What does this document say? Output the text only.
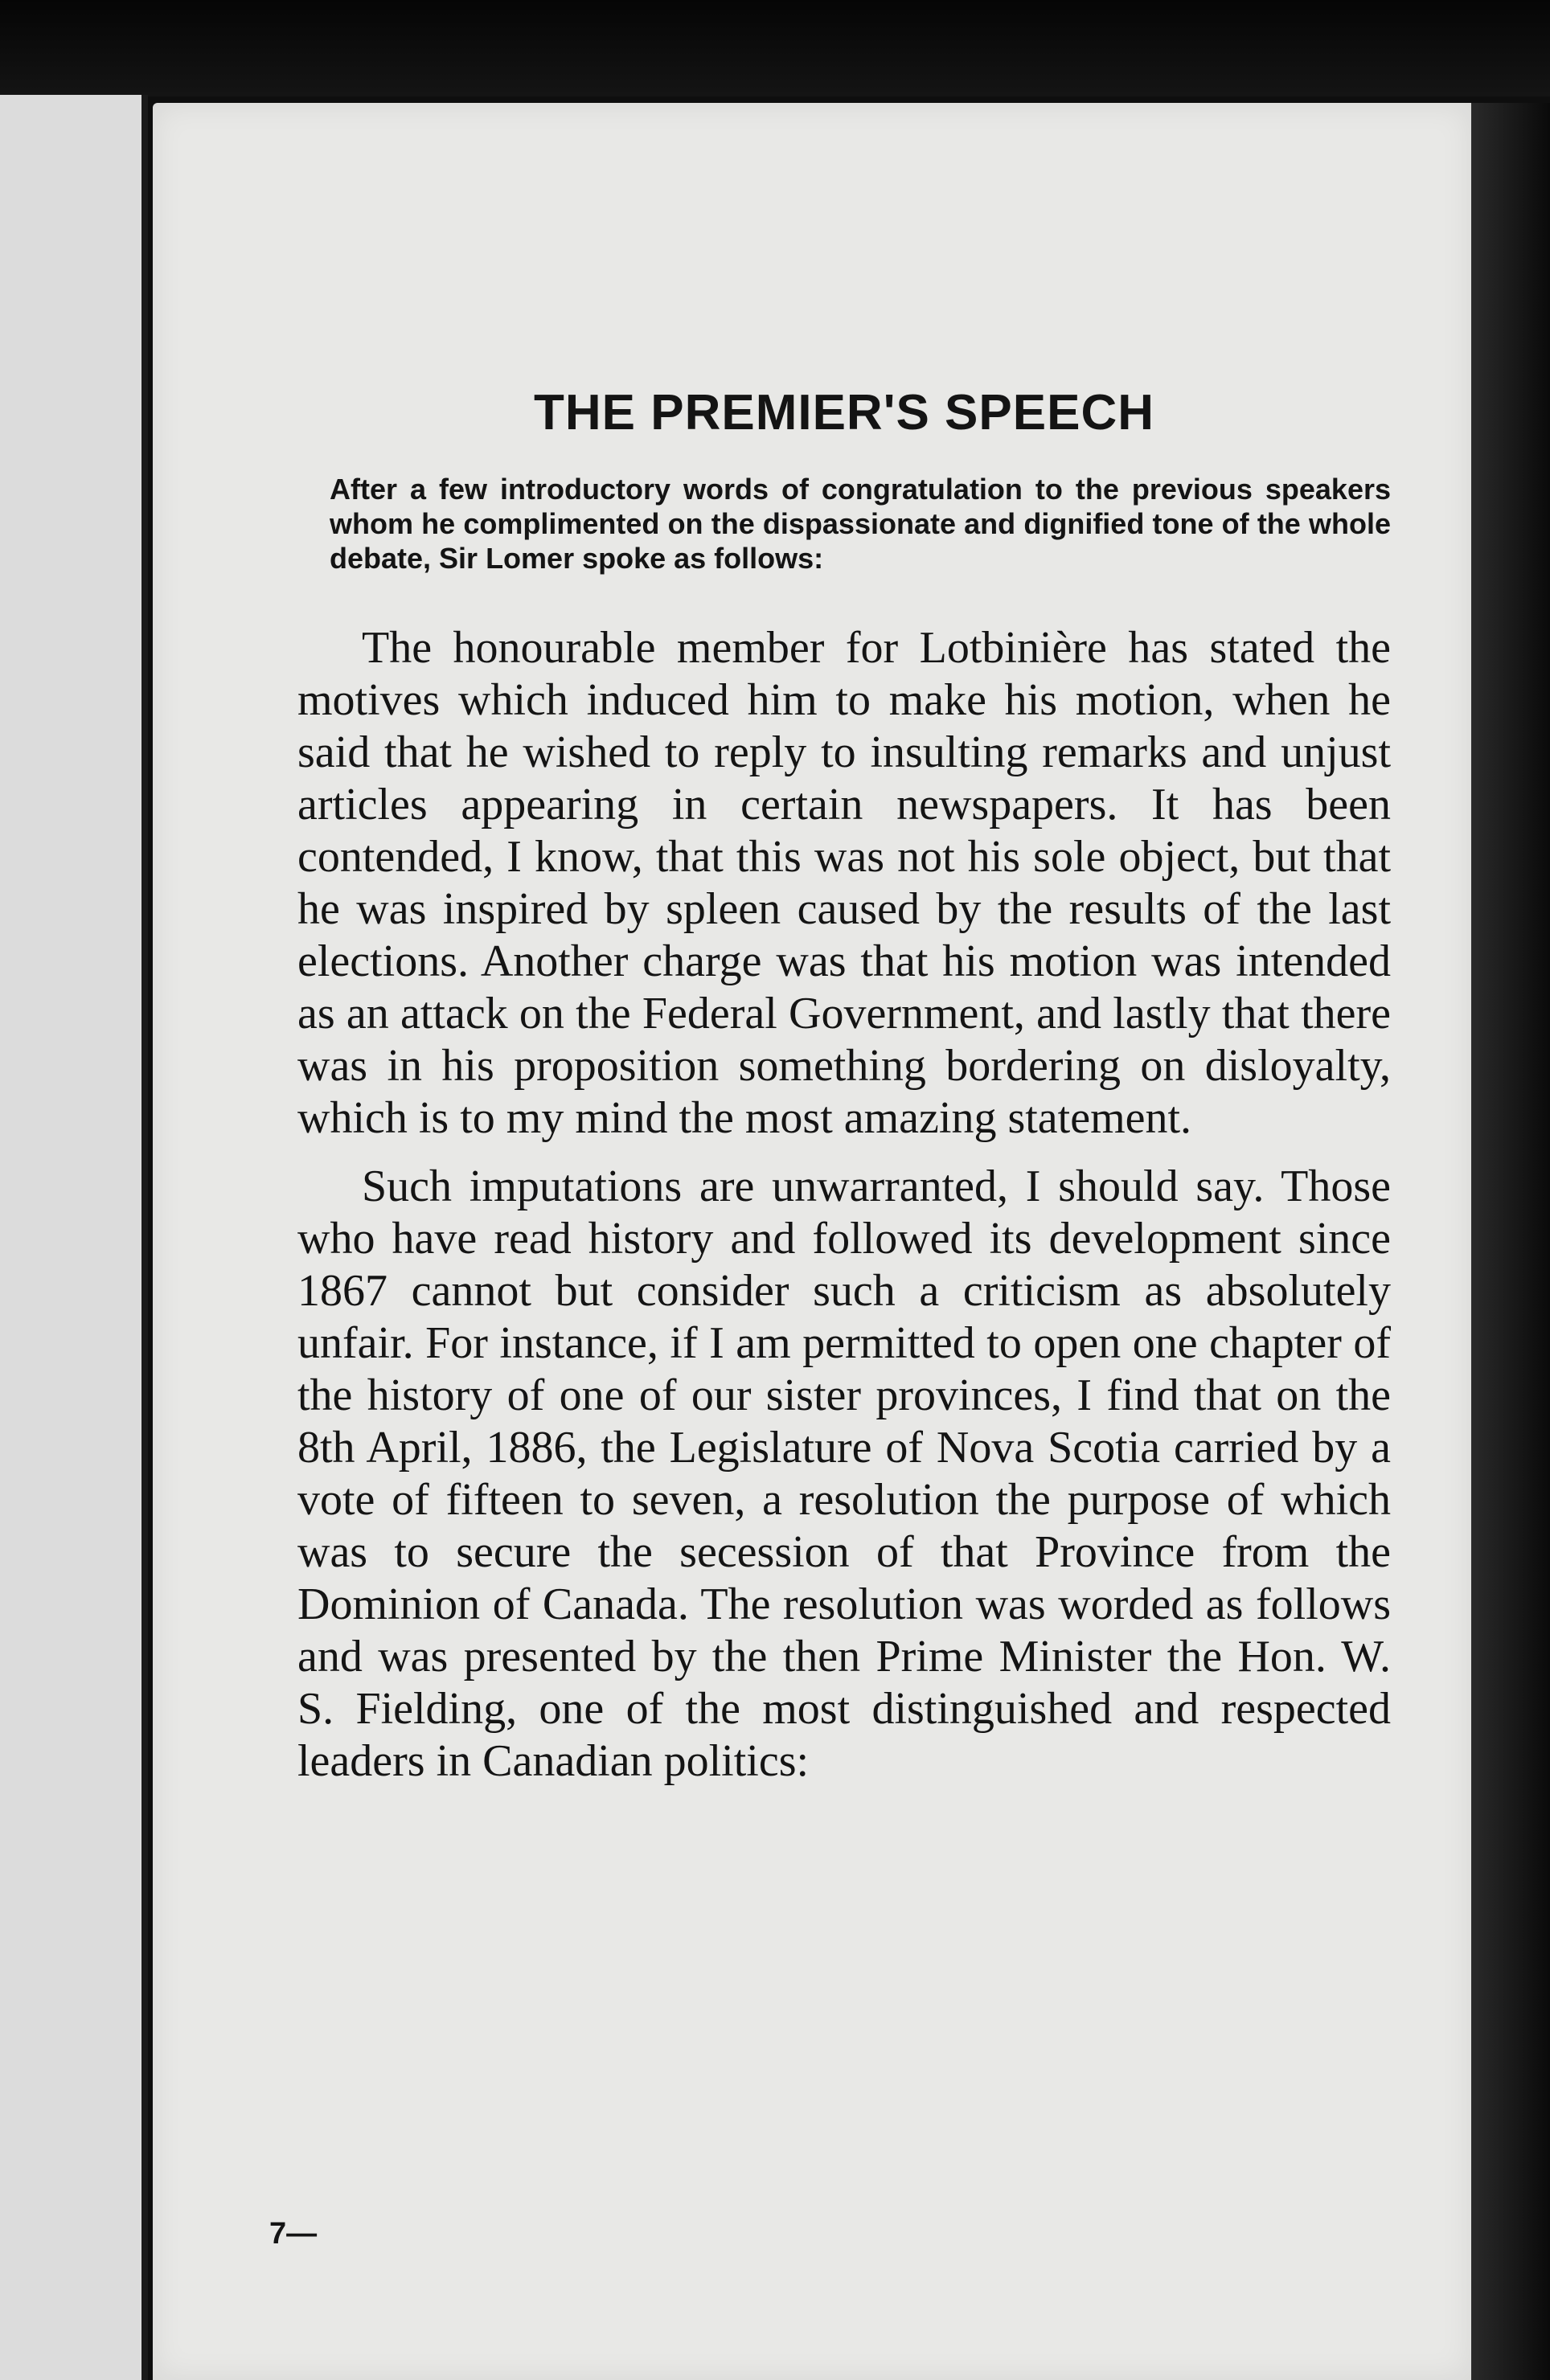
THE PREMIER'S SPEECH

After a few introductory words of congratulation to the previous speakers whom he complimented on the dispassionate and dignified tone of the whole debate, Sir Lomer spoke as follows:

The honourable member for Lotbinière has stated the motives which induced him to make his motion, when he said that he wished to reply to insulting remarks and unjust articles appearing in certain newspapers. It has been contended, I know, that this was not his sole object, but that he was inspired by spleen caused by the results of the last elections. Another charge was that his motion was intended as an attack on the Federal Government, and lastly that there was in his proposition something bordering on disloyalty, which is to my mind the most amazing statement.

Such imputations are unwarranted, I should say. Those who have read history and followed its development since 1867 cannot but consider such a criticism as absolutely unfair. For instance, if I am permitted to open one chapter of the history of one of our sister provinces, I find that on the 8th April, 1886, the Legislature of Nova Scotia carried by a vote of fifteen to seven, a resolution the purpose of which was to secure the secession of that Province from the Dominion of Canada. The resolution was worded as follows and was presented by the then Prime Minister the Hon. W. S. Fielding, one of the most distinguished and respected leaders in Canadian politics:

7—
